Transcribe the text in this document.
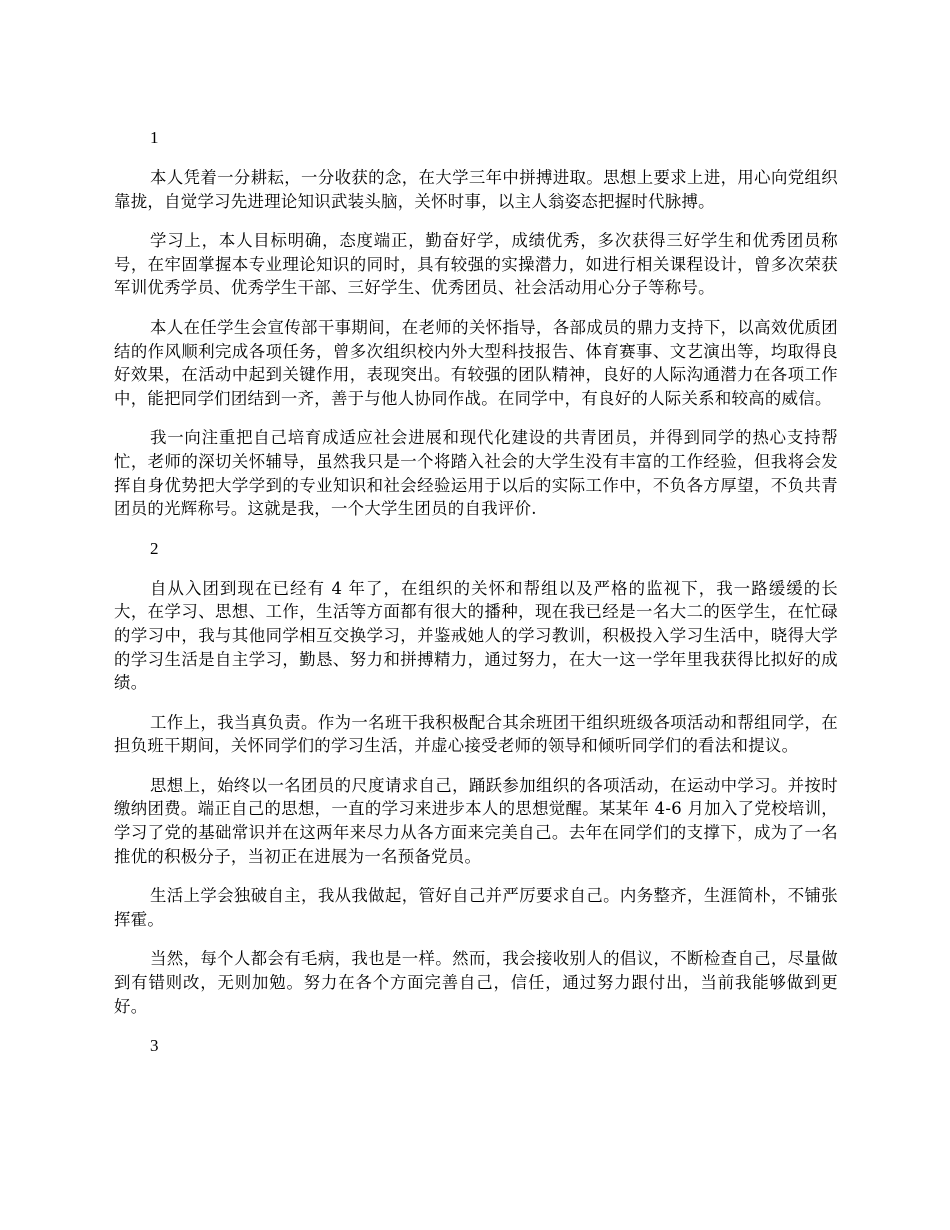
1

本人凭着一分耕耘，一分收获的念，在大学三年中拼搏进取。思想上要求上进，用心向党组织靠拢，自觉学习先进理论知识武装头脑，关怀时事，以主人翁姿态把握时代脉搏。

学习上，本人目标明确，态度端正，勤奋好学，成绩优秀，多次获得三好学生和优秀团员称号，在牢固掌握本专业理论知识的同时，具有较强的实操潜力，如进行相关课程设计，曾多次荣获军训优秀学员、优秀学生干部、三好学生、优秀团员、社会活动用心分子等称号。

本人在任学生会宣传部干事期间，在老师的关怀指导，各部成员的鼎力支持下，以高效优质团结的作风顺利完成各项任务，曾多次组织校内外大型科技报告、体育赛事、文艺演出等，均取得良好效果，在活动中起到关键作用，表现突出。有较强的团队精神，良好的人际沟通潜力在各项工作中，能把同学们团结到一齐，善于与他人协同作战。在同学中，有良好的人际关系和较高的威信。

我一向注重把自己培育成适应社会进展和现代化建设的共青团员，并得到同学的热心支持帮忙，老师的深切关怀辅导，虽然我只是一个将踏入社会的大学生没有丰富的工作经验，但我将会发挥自身优势把大学学到的专业知识和社会经验运用于以后的实际工作中，不负各方厚望，不负共青团员的光辉称号。这就是我，一个大学生团员的自我评价.

2

自从入团到现在已经有 4 年了，在组织的关怀和帮组以及严格的监视下，我一路缓缓的长大，在学习、思想、工作，生活等方面都有很大的播种，现在我已经是一名大二的医学生，在忙碌的学习中，我与其他同学相互交换学习，并鉴戒她人的学习教训，积极投入学习生活中，晓得大学的学习生活是自主学习，勤恳、努力和拼搏精力，通过努力，在大一这一学年里我获得比拟好的成绩。

工作上，我当真负责。作为一名班干我积极配合其余班团干组织班级各项活动和帮组同学，在担负班干期间，关怀同学们的学习生活，并虚心接受老师的领导和倾听同学们的看法和提议。

思想上，始终以一名团员的尺度请求自己，踊跃参加组织的各项活动，在运动中学习。并按时缴纳团费。端正自己的思想，一直的学习来进步本人的思想觉醒。某某年 4-6 月加入了党校培训，学习了党的基础常识并在这两年来尽力从各方面来完美自己。去年在同学们的支撑下，成为了一名推优的积极分子，当初正在进展为一名预备党员。

生活上学会独破自主，我从我做起，管好自己并严厉要求自己。内务整齐，生涯简朴，不铺张挥霍。

当然，每个人都会有毛病，我也是一样。然而，我会接收别人的倡议，不断检查自己，尽量做到有错则改，无则加勉。努力在各个方面完善自己，信任，通过努力跟付出，当前我能够做到更好。

3
